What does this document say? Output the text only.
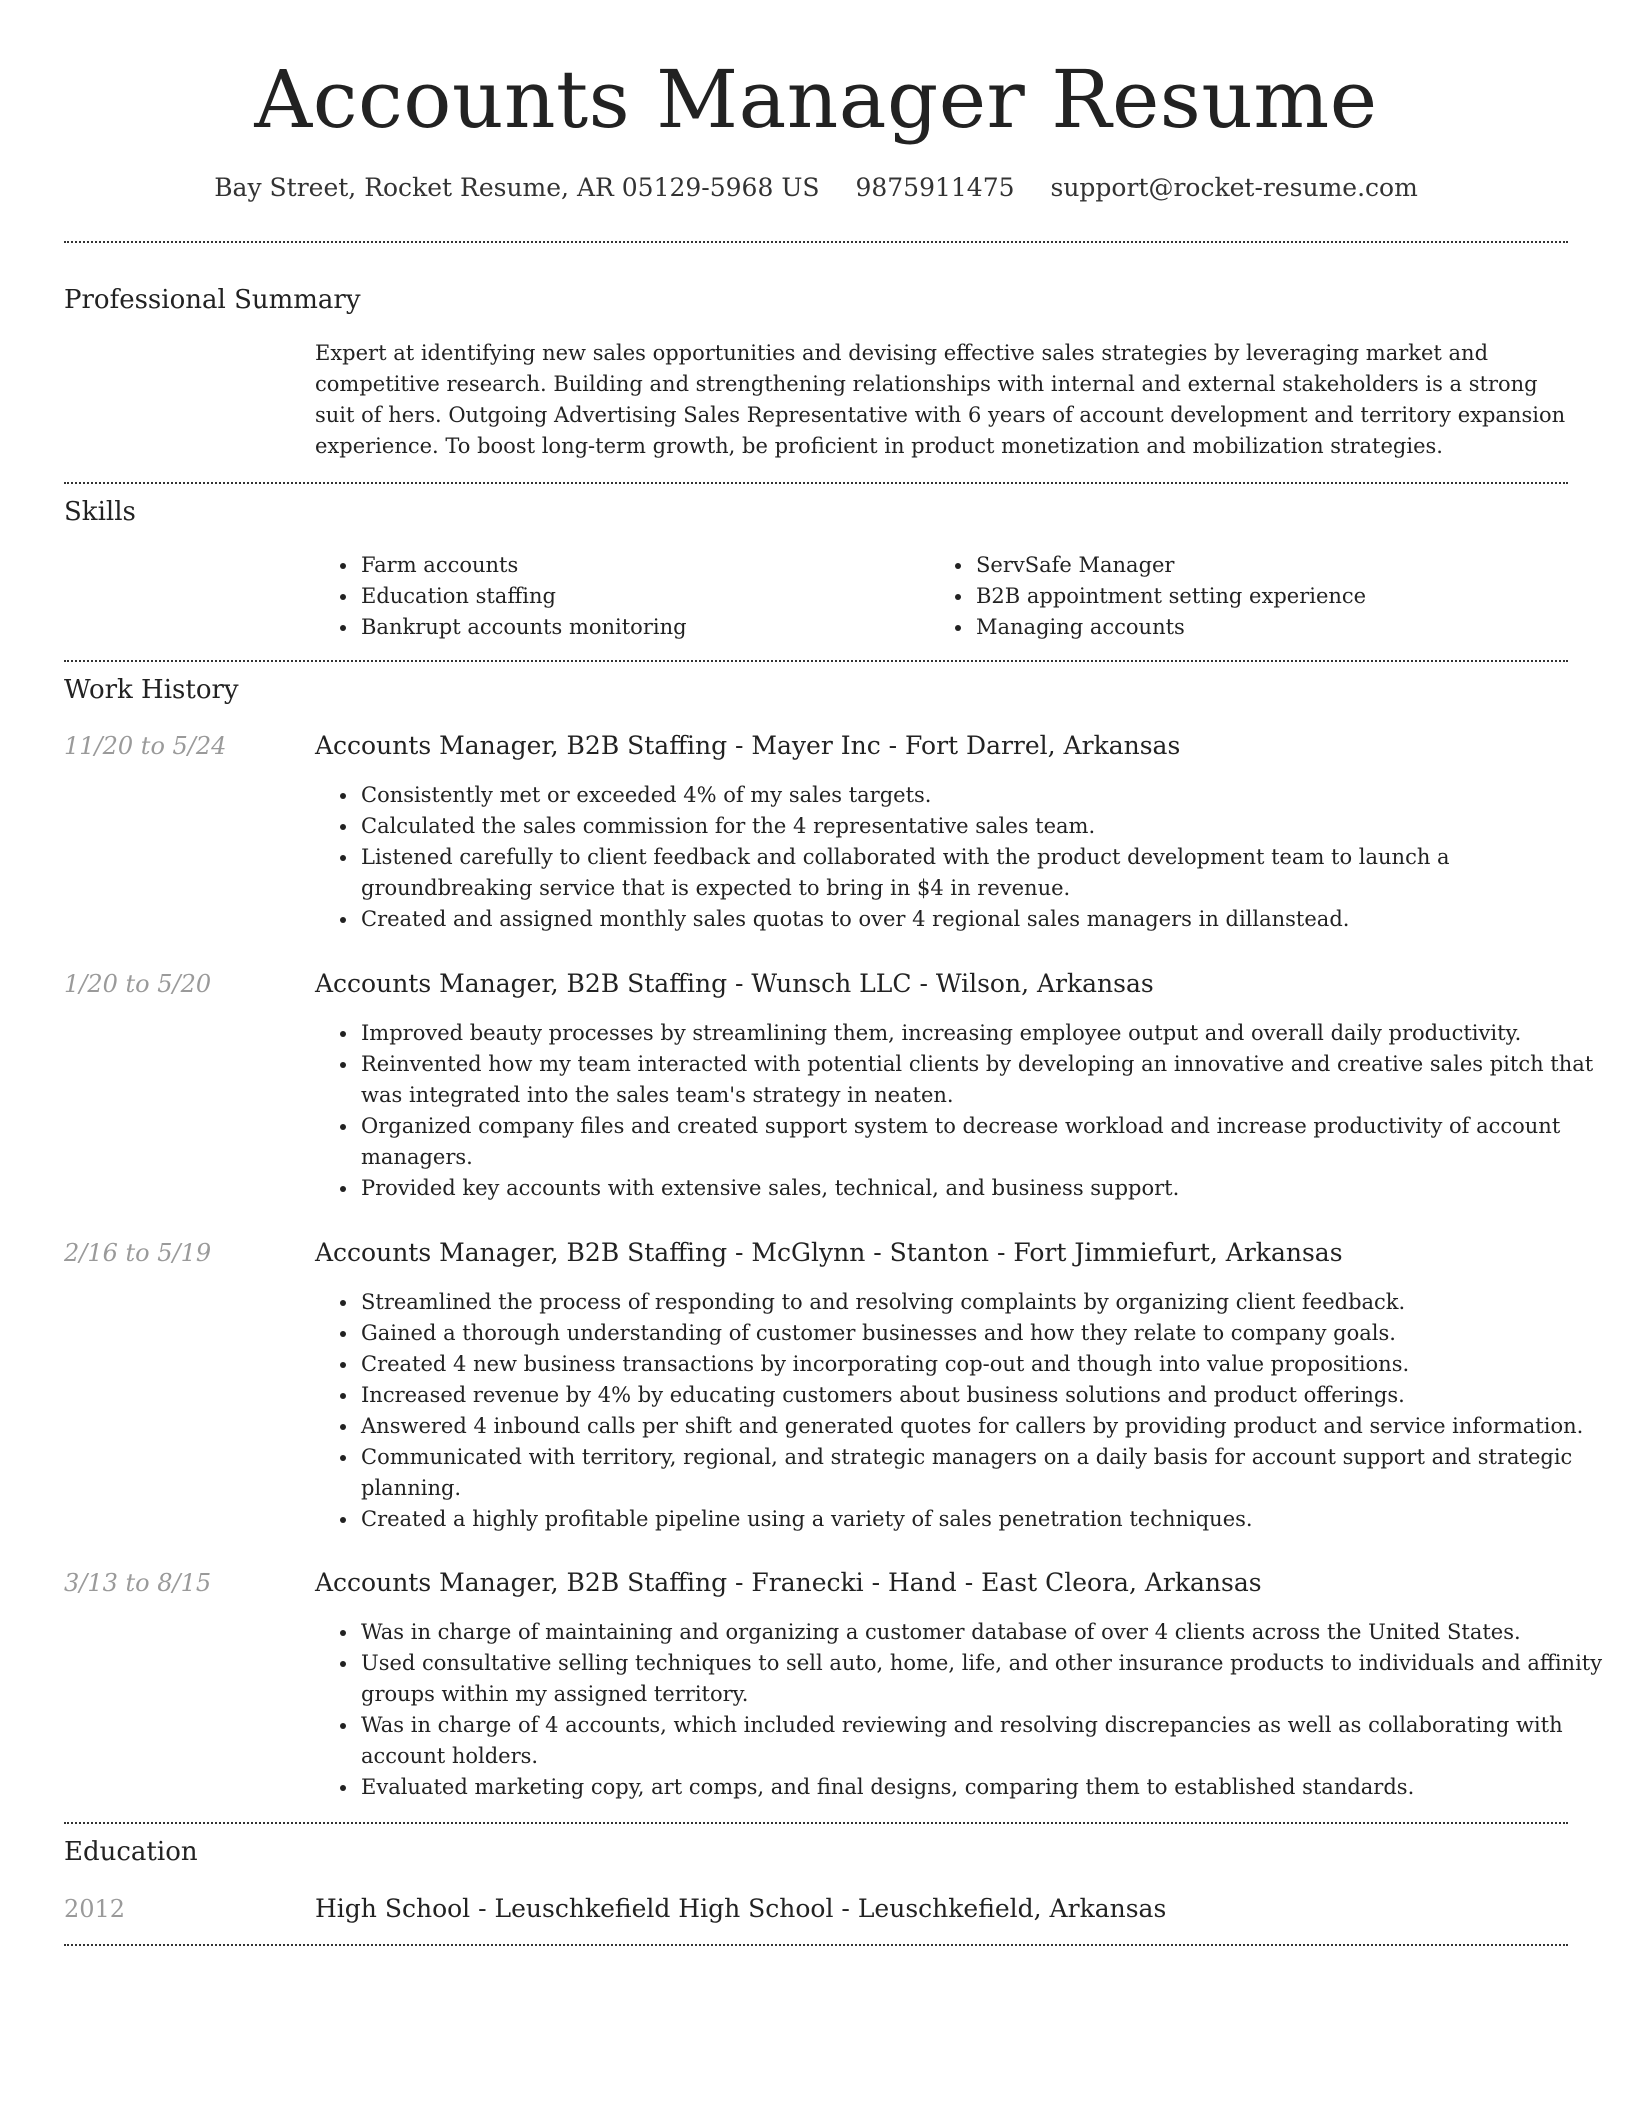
Accounts Manager Resume
Bay Street, Rocket Resume, AR 05129-5968 US 9875911475 support@rocket-resume.com
Professional Summary
Expert at identifying new sales opportunities and devising effective sales strategies by leveraging market and competitive research. Building and strengthening relationships with internal and external stakeholders is a strong suit of hers. Outgoing Advertising Sales Representative with 6 years of account development and territory expansion experience. To boost long-term growth, be proficient in product monetization and mobilization strategies.
Skills
• Farm accounts
• Education staffing
• Bankrupt accounts monitoring
• ServSafe Manager
• B2B appointment setting experience
• Managing accounts
Work History
11/20 to 5/24	Accounts Manager, B2B Staffing - Mayer Inc - Fort Darrel, Arkansas
• Consistently met or exceeded 4% of my sales targets.
• Calculated the sales commission for the 4 representative sales team.
• Listened carefully to client feedback and collaborated with the product development team to launch a groundbreaking service that is expected to bring in $4 in revenue.
• Created and assigned monthly sales quotas to over 4 regional sales managers in dillanstead.
1/20 to 5/20	Accounts Manager, B2B Staffing - Wunsch LLC - Wilson, Arkansas
• Improved beauty processes by streamlining them, increasing employee output and overall daily productivity.
• Reinvented how my team interacted with potential clients by developing an innovative and creative sales pitch that was integrated into the sales team's strategy in neaten.
• Organized company files and created support system to decrease workload and increase productivity of account managers.
• Provided key accounts with extensive sales, technical, and business support.
2/16 to 5/19	Accounts Manager, B2B Staffing - McGlynn - Stanton - Fort Jimmiefurt, Arkansas
• Streamlined the process of responding to and resolving complaints by organizing client feedback.
• Gained a thorough understanding of customer businesses and how they relate to company goals.
• Created 4 new business transactions by incorporating cop-out and though into value propositions.
• Increased revenue by 4% by educating customers about business solutions and product offerings.
• Answered 4 inbound calls per shift and generated quotes for callers by providing product and service information.
• Communicated with territory, regional, and strategic managers on a daily basis for account support and strategic planning.
• Created a highly profitable pipeline using a variety of sales penetration techniques.
3/13 to 8/15	Accounts Manager, B2B Staffing - Franecki - Hand - East Cleora, Arkansas
• Was in charge of maintaining and organizing a customer database of over 4 clients across the United States.
• Used consultative selling techniques to sell auto, home, life, and other insurance products to individuals and affinity groups within my assigned territory.
• Was in charge of 4 accounts, which included reviewing and resolving discrepancies as well as collaborating with account holders.
• Evaluated marketing copy, art comps, and final designs, comparing them to established standards.
Education
2012	High School - Leuschkefield High School - Leuschkefield, Arkansas
